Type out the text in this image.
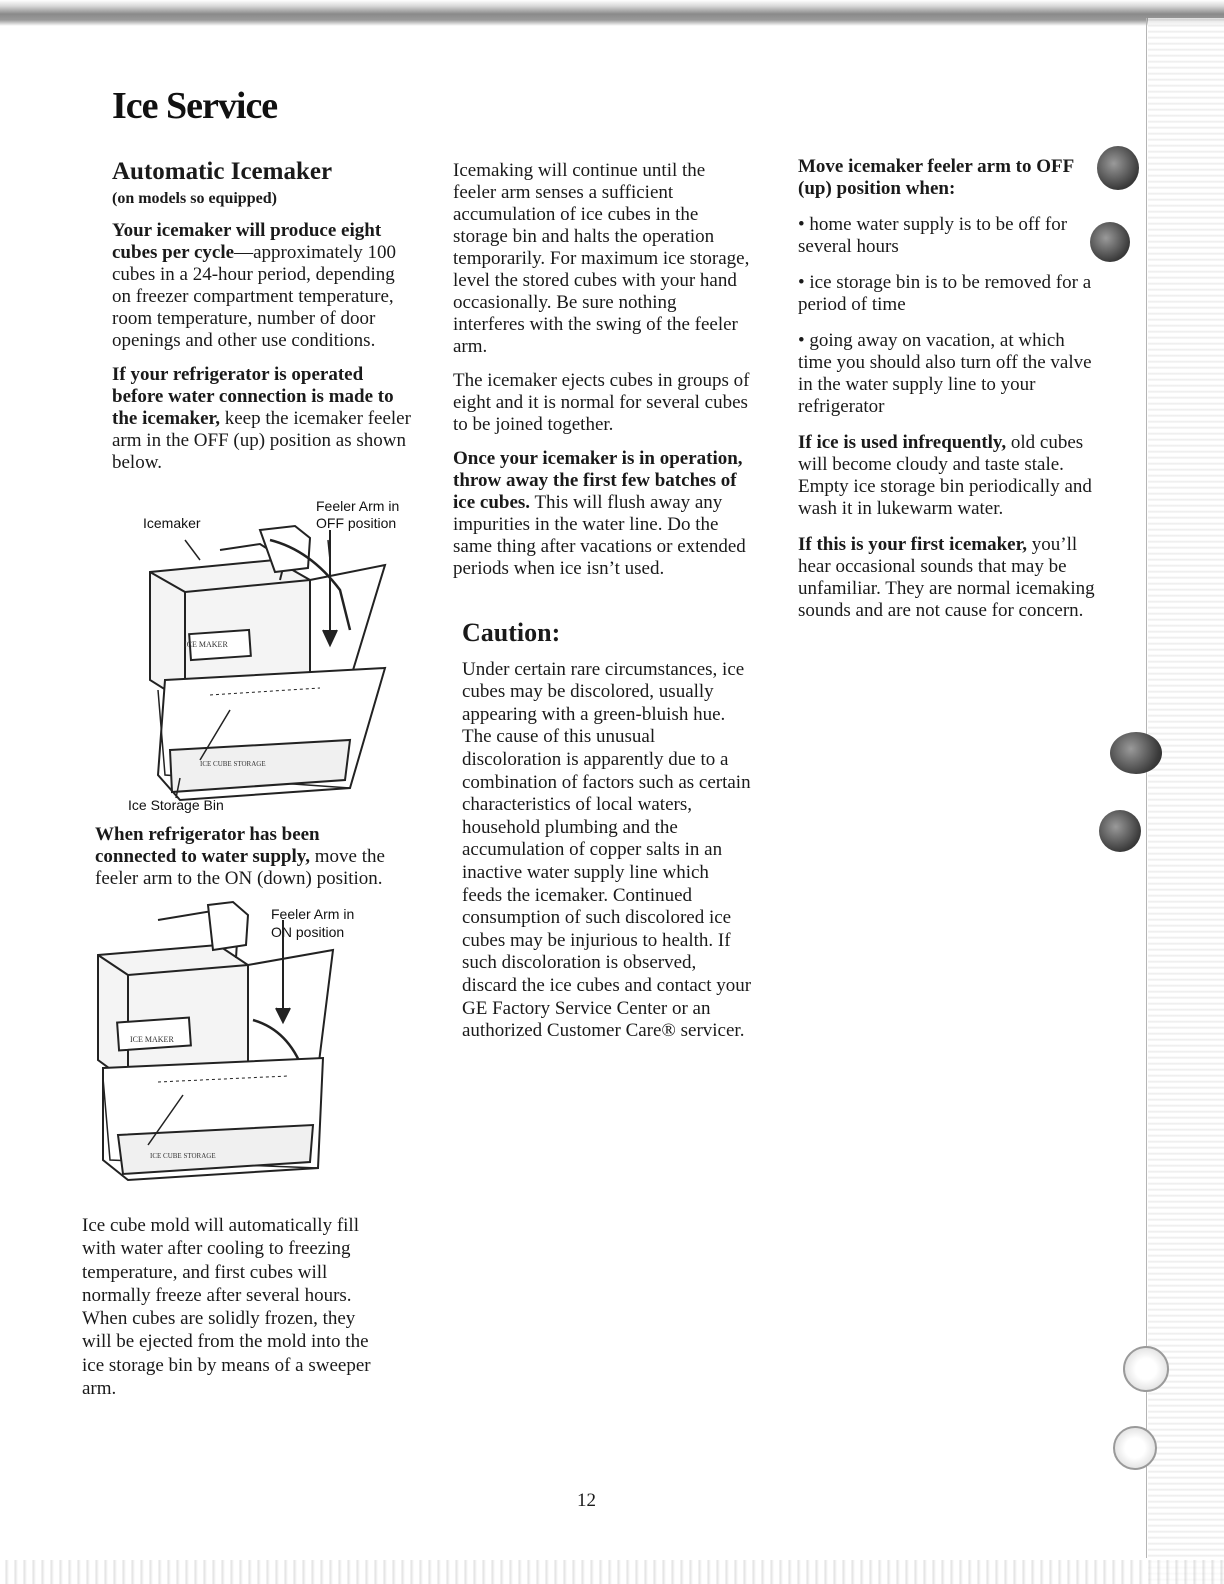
Ice Service
Automatic Icemaker
(on models so equipped)

Your icemaker will produce eight cubes per cycle—approximately 100 cubes in a 24-hour period, depending on freezer compartment temperature, room temperature, number of door openings and other use conditions.

If your refrigerator is operated before water connection is made to the icemaker, keep the icemaker feeler arm in the OFF (up) position as shown below.

Icemaker
Feeler Arm in
OFF position
ICE MAKER
ICE CUBE STORAGE
Ice Storage Bin

When refrigerator has been connected to water supply, move the feeler arm to the ON (down) position.

Feeler Arm in
ON position
ICE MAKER
ICE CUBE STORAGE

Ice cube mold will automatically fill with water after cooling to freezing temperature, and first cubes will normally freeze after several hours. When cubes are solidly frozen, they will be ejected from the mold into the ice storage bin by means of a sweeper arm.

Icemaking will continue until the feeler arm senses a sufficient accumulation of ice cubes in the storage bin and halts the operation temporarily. For maximum ice storage, level the stored cubes with your hand occasionally. Be sure nothing interferes with the swing of the feeler arm.

The icemaker ejects cubes in groups of eight and it is normal for several cubes to be joined together.

Once your icemaker is in operation, throw away the first few batches of ice cubes. This will flush away any impurities in the water line. Do the same thing after vacations or extended periods when ice isn’t used.

Caution:

Under certain rare circumstances, ice cubes may be discolored, usually appearing with a green-bluish hue. The cause of this unusual discoloration is apparently due to a combination of factors such as certain characteristics of local waters, household plumbing and the accumulation of copper salts in an inactive water supply line which feeds the icemaker. Continued consumption of such discolored ice cubes may be injurious to health. If such discoloration is observed, discard the ice cubes and contact your GE Factory Service Center or an authorized Customer Care® servicer.

Move icemaker feeler arm to OFF (up) position when:

• home water supply is to be off for several hours

• ice storage bin is to be removed for a period of time

• going away on vacation, at which time you should also turn off the valve in the water supply line to your refrigerator

If ice is used infrequently, old cubes will become cloudy and taste stale. Empty ice storage bin periodically and wash it in lukewarm water.

If this is your first icemaker, you’ll hear occasional sounds that may be unfamiliar. They are normal icemaking sounds and are not cause for concern.

12
